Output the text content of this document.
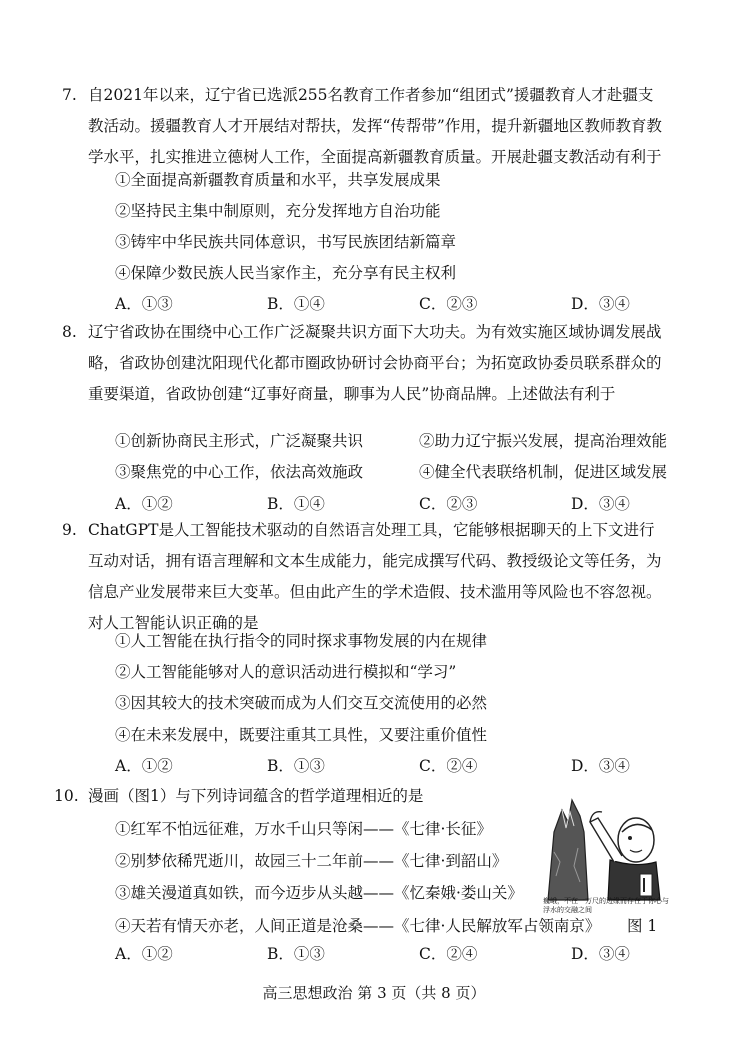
7. 自2021年以来，辽宁省已选派255名教育工作者参加“组团式”援疆教育人才赴疆支教活动。援疆教育人才开展结对帮扶，发挥“传帮带”作用，提升新疆地区教师教育教学水平，扎实推进立德树人工作，全面提高新疆教育质量。开展赴疆支教活动有利于
①全面提高新疆教育质量和水平，共享发展成果
②坚持民主集中制原则，充分发挥地方自治功能
③铸牢中华民族共同体意识，书写民族团结新篇章
④保障少数民族人民当家作主，充分享有民主权利
A．①③	B．①④	C．②③	D．③④
8. 辽宁省政协在围绕中心工作广泛凝聚共识方面下大功夫。为有效实施区域协调发展战略，省政协创建沈阳现代化都市圈政协研讨会协商平台；为拓宽政协委员联系群众的重要渠道，省政协创建“辽事好商量，聊事为人民”协商品牌。上述做法有利于
①创新协商民主形式，广泛凝聚共识	②助力辽宁振兴发展，提高治理效能
③聚焦党的中心工作，依法高效施政	④健全代表联络机制，促进区域发展
A．①②	B．①④	C．②③	D．③④
9. ChatGPT是人工智能技术驱动的自然语言处理工具，它能够根据聊天的上下文进行互动对话，拥有语言理解和文本生成能力，能完成撰写代码、教授级论文等任务，为信息产业发展带来巨大变革。但由此产生的学术造假、技术滥用等风险也不容忽视。对人工智能认识正确的是
①人工智能在执行指令的同时探求事物发展的内在规律
②人工智能能够对人的意识活动进行模拟和“学习”
③因其较大的技术突破而成为人们交互交流使用的必然
④在未来发展中，既要注重其工具性，又要注重价值性
A．①②	B．①③	C．②④	D．③④
10. 漫画（图1）与下列诗词蕴含的哲学道理相近的是
①红军不怕远征难，万水千山只等闲——《七律·长征》
②别梦依稀咒逝川，故园三十二年前——《七律·到韶山》
③雄关漫道真如铁，而今迈步从头越——《忆秦娥·娄山关》
④天若有情天亦老，人间正道是沧桑——《七律·人民解放军占领南京》 图 1
A．①②	B．①③	C．②④	D．③④
巍峨，不在一万尺的边缘而存在于你心与浮水的交融之间
高三思想政治 第 3 页（共 8 页）
